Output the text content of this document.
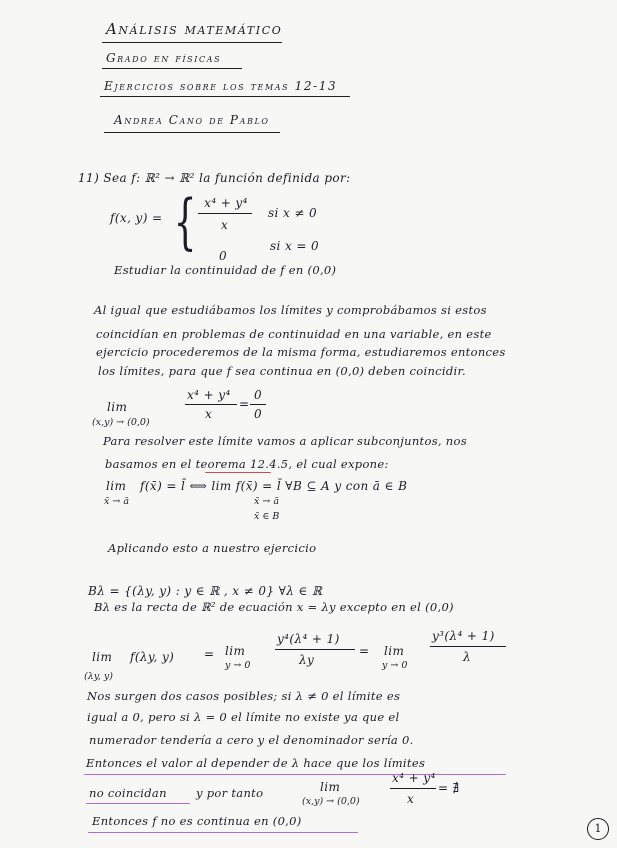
Análisis matemático
Grado en físicas
Ejercicios sobre los temas 12-13
Andrea Cano de Pablo
11) Sea f: ℝ² → ℝ² la función definida por:
f(x, y) = { x⁴ + y⁴
x
si x ≠ 0
0
si x = 0
Estudiar la continuidad de f en (0,0)
Al igual que estudiábamos los límites y comprobábamos si estos
coincidían en problemas de continuidad en una variable, en este
ejercicio procederemos de la misma forma, estudiaremos entonces
los límites, para que f sea continua en (0,0) deben coincidir.
lim
(x,y) → (0,0)
x⁴ + y⁴
x
=
0
0
Para resolver este límite vamos a aplicar subconjuntos, nos
basamos en el teorema 12.4.5, el cual expone:
lim
x̄ → ā
f(x̄) = l̄ ⟺ lim f(x̄) = l̄ ∀B ⊆ A y con ā ∈ B
x̄ → ā
x̄ ∈ B
Aplicando esto a nuestro ejercicio
Bλ = {(λy, y) : y ∈ ℝ , x ≠ 0} ∀λ ∈ ℝ
Bλ es la recta de ℝ² de ecuación x = λy excepto en el (0,0)
lim f(λy, y)
(λy, y)
= lim
y → 0
y⁴(λ⁴ + 1)
λy
= lim
y → 0
y³(λ⁴ + 1)
λ
Nos surgen dos casos posibles; si λ ≠ 0 el límite es
igual a 0, pero si λ = 0 el límite no existe ya que el
numerador tendería a cero y el denominador sería 0.
Entonces el valor al depender de λ hace que los límites
no coincidan	y por tanto	lim
(x,y) → (0,0)
x⁴ + y⁴
x
= ∄
Entonces f no es continua en (0,0)
1
